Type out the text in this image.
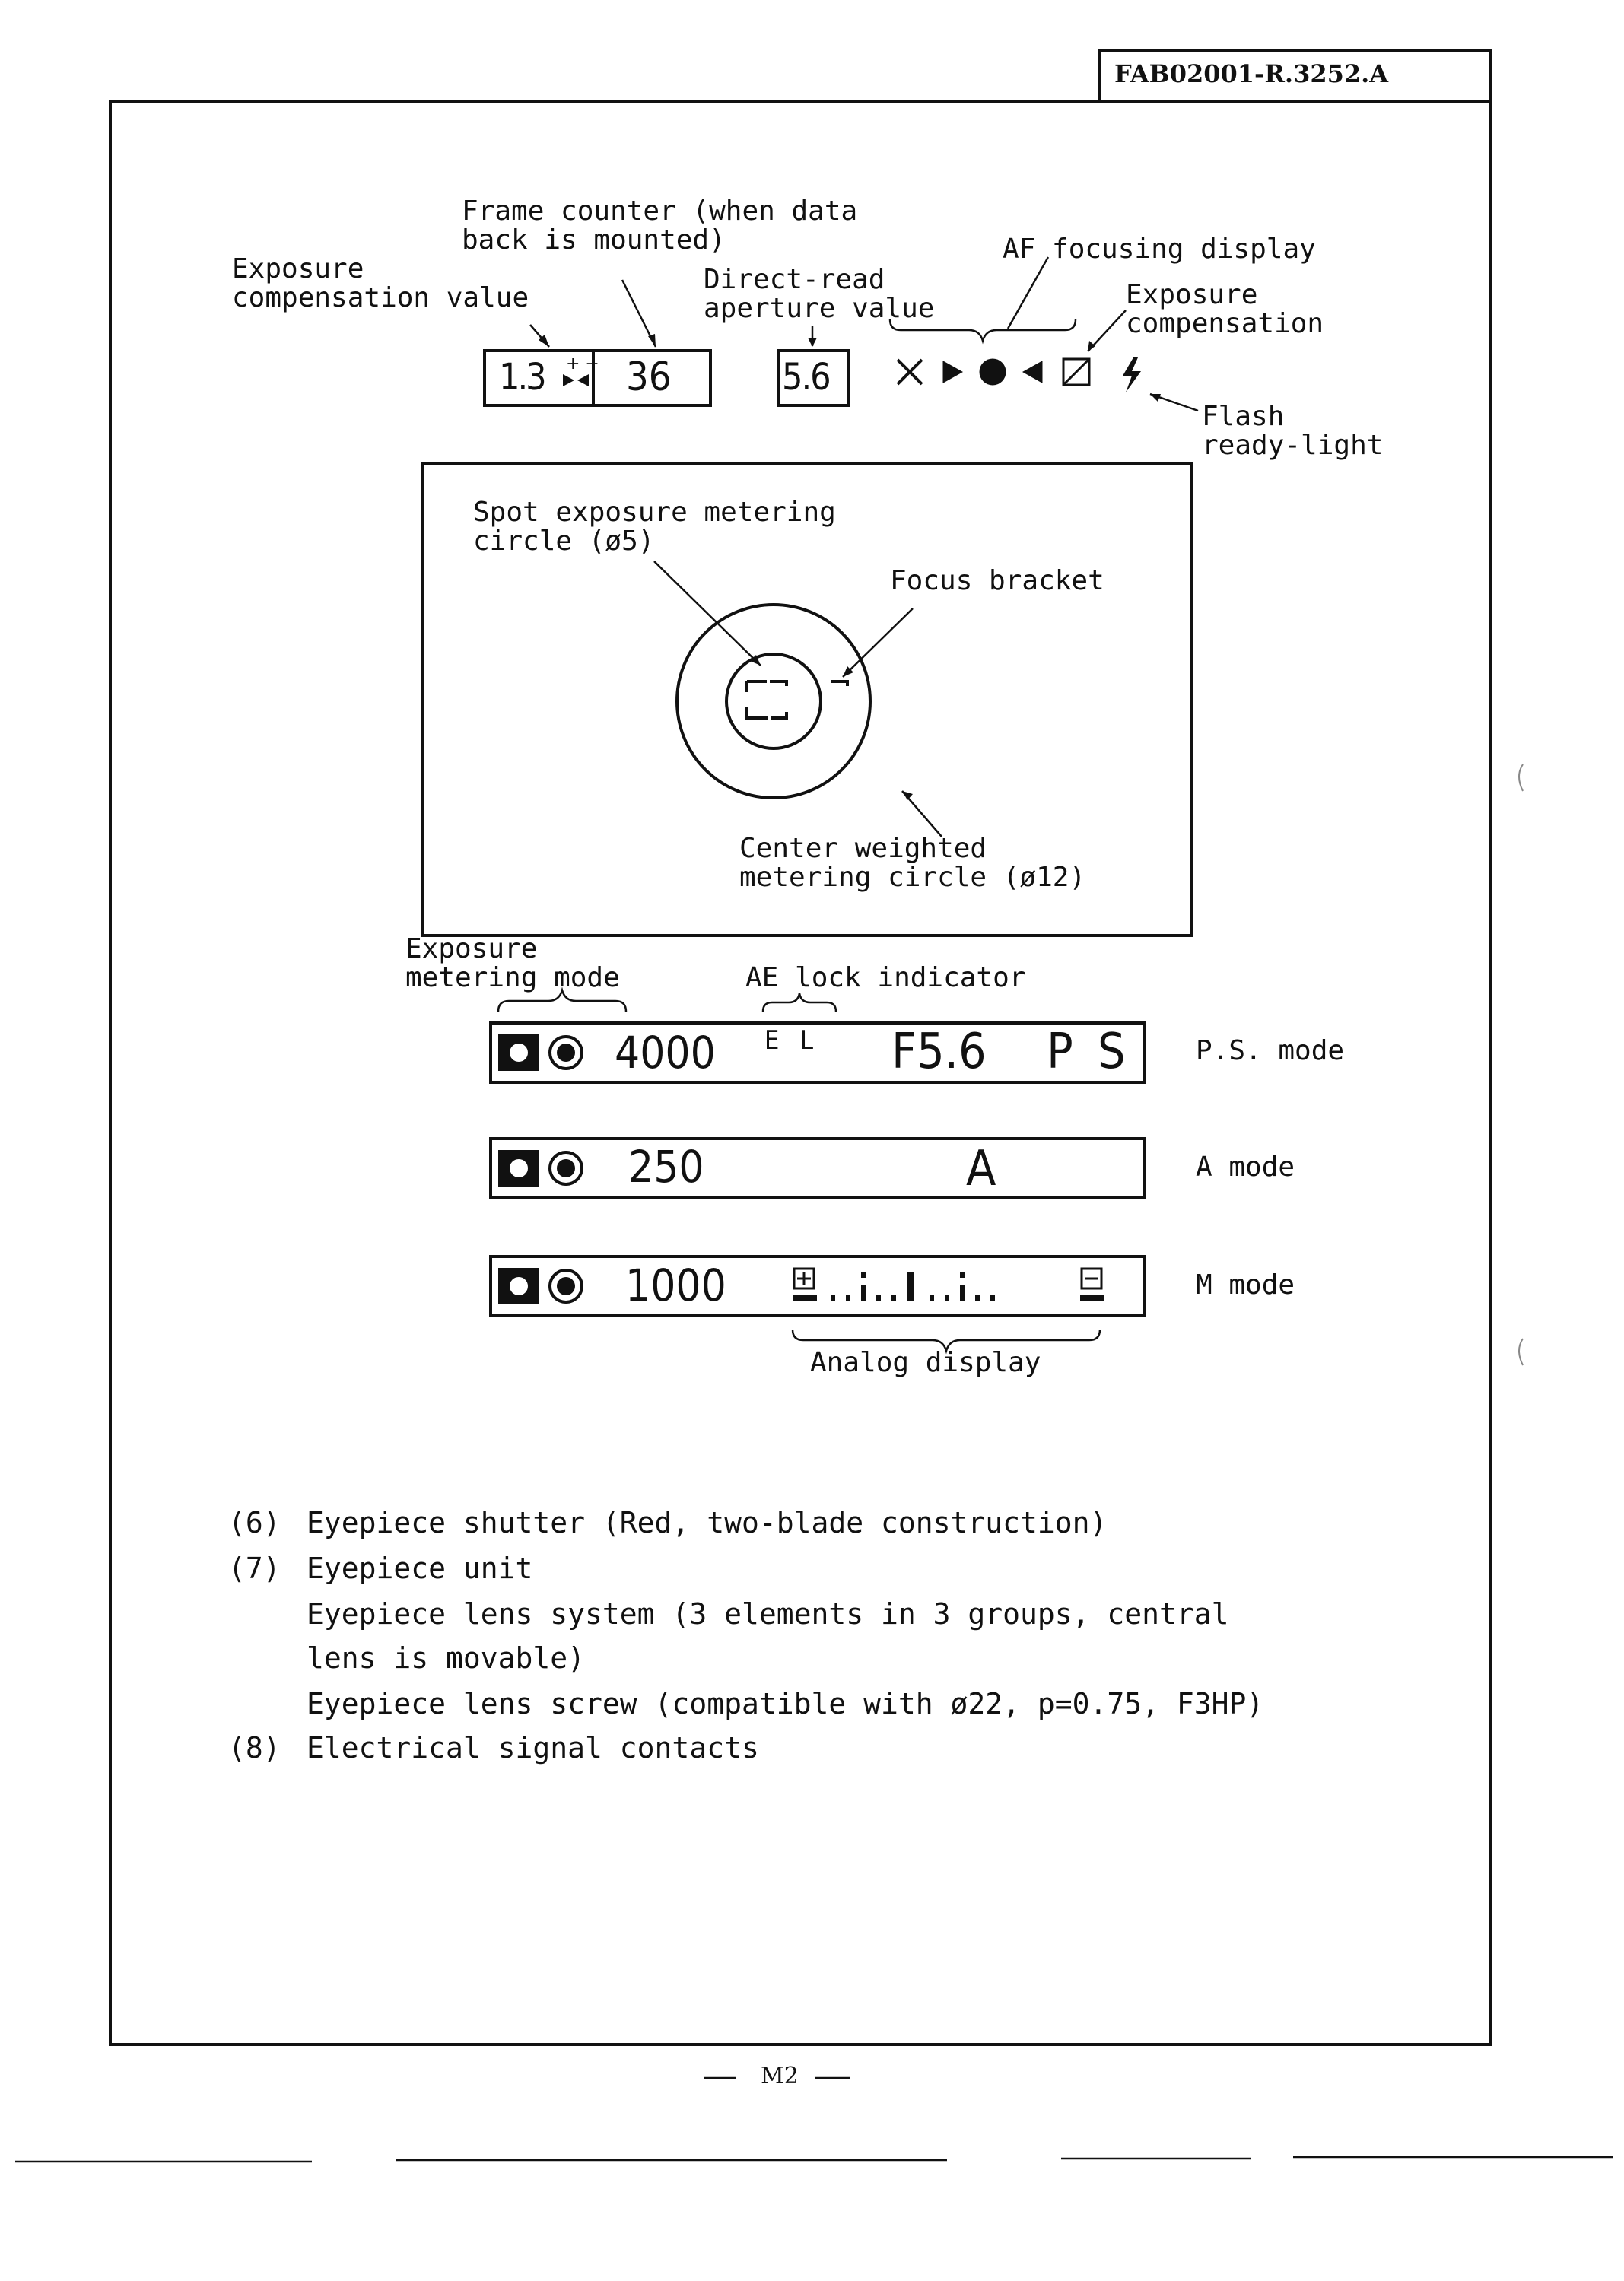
+ −
FAB02001-R.3252.A
Frame counter (when data
back is mounted)
Exposure
compensation value
Direct-read
aperture value
AF focusing display
Exposure
compensation
Flash
ready-light
1.3 36	5.6
Spot exposure metering
circle (ø5)
Focus bracket
Center weighted
metering circle (ø12)
Exposure
metering mode	AE lock indicator
4000 E L F5.6 P S	P.S. mode
250	A	A mode
1000	M mode
Analog display
(6) Eyepiece shutter (Red, two-blade construction)
(7) Eyepiece unit
Eyepiece lens system (3 elements in 3 groups, central
lens is movable)
Eyepiece lens screw (compatible with ø22, p=0.75, F3HP)
(8) Electrical signal contacts
M2
